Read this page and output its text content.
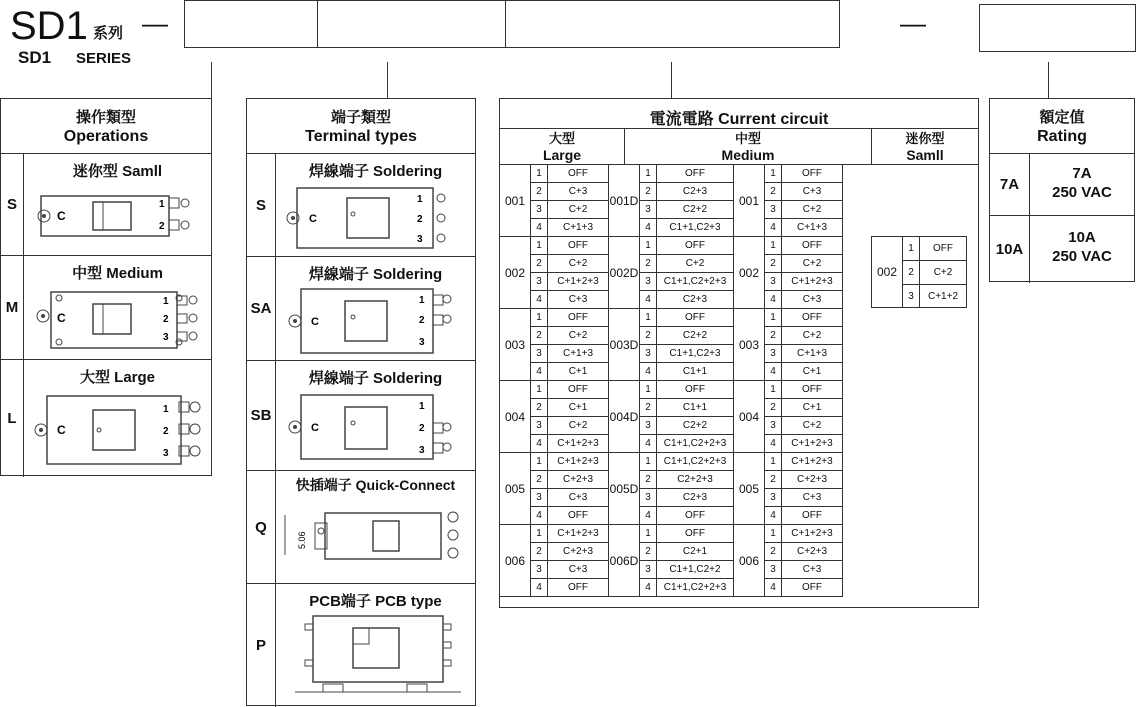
SD1 系列 —
SD1 SERIES
—
操作類型
Operations
S
迷你型 Samll
C
1
2
M
中型 Medium
C
1
2
3
L
大型 Large
C
1
2
3
端子類型
Terminal types
S
焊線端子 Soldering
C
1
2
3
SA
焊線端子 Soldering
C
1
2
3
SB
焊線端子 Soldering
C
1
2
3
Q
快插端子 Quick-Connect
5.06
P
PCB端子 PCB type
電流電路 Current circuit
大型
Large
中型
Medium
迷你型
Samll
001	1	OFF	001D	1	OFF	001	1	OFF
	2	C+3		2	C2+3		2	C+3
	3	C+2		3	C2+2		3	C+2
	4	C+1+3		4	C1+1,C2+3		4	C+1+3
002	1	OFF	002D	1	OFF	002	1	OFF
	2	C+2		2	C+2		2	C+2
	3	C+1+2+3		3	C1+1,C2+2+3		3	C+1+2+3
	4	C+3		4	C2+3		4	C+3
003	1	OFF	003D	1	OFF	003	1	OFF
	2	C+2		2	C2+2		2	C+2
	3	C+1+3		3	C1+1,C2+3		3	C+1+3
	4	C+1		4	C1+1		4	C+1
004	1	OFF	004D	1	OFF	004	1	OFF
	2	C+1		2	C1+1		2	C+1
	3	C+2		3	C2+2		3	C+2
	4	C+1+2+3		4	C1+1,C2+2+3		4	C+1+2+3
005	1	C+1+2+3	005D	1	C1+1,C2+2+3	005	1	C+1+2+3
	2	C+2+3		2	C2+2+3		2	C+2+3
	3	C+3		3	C2+3		3	C+3
	4	OFF		4	OFF		4	OFF
006	1	C+1+2+3	006D	1	OFF	006	1	C+1+2+3
	2	C+2+3		2	C2+1		2	C+2+3
	3	C+3		3	C1+1,C2+2		3	C+3
	4	OFF		4	C1+1,C2+2+3		4	OFF
002	1	OFF
	2	C+2
	3	C+1+2
額定值
Rating
7A
7A
250 VAC
10A
10A
250 VAC
